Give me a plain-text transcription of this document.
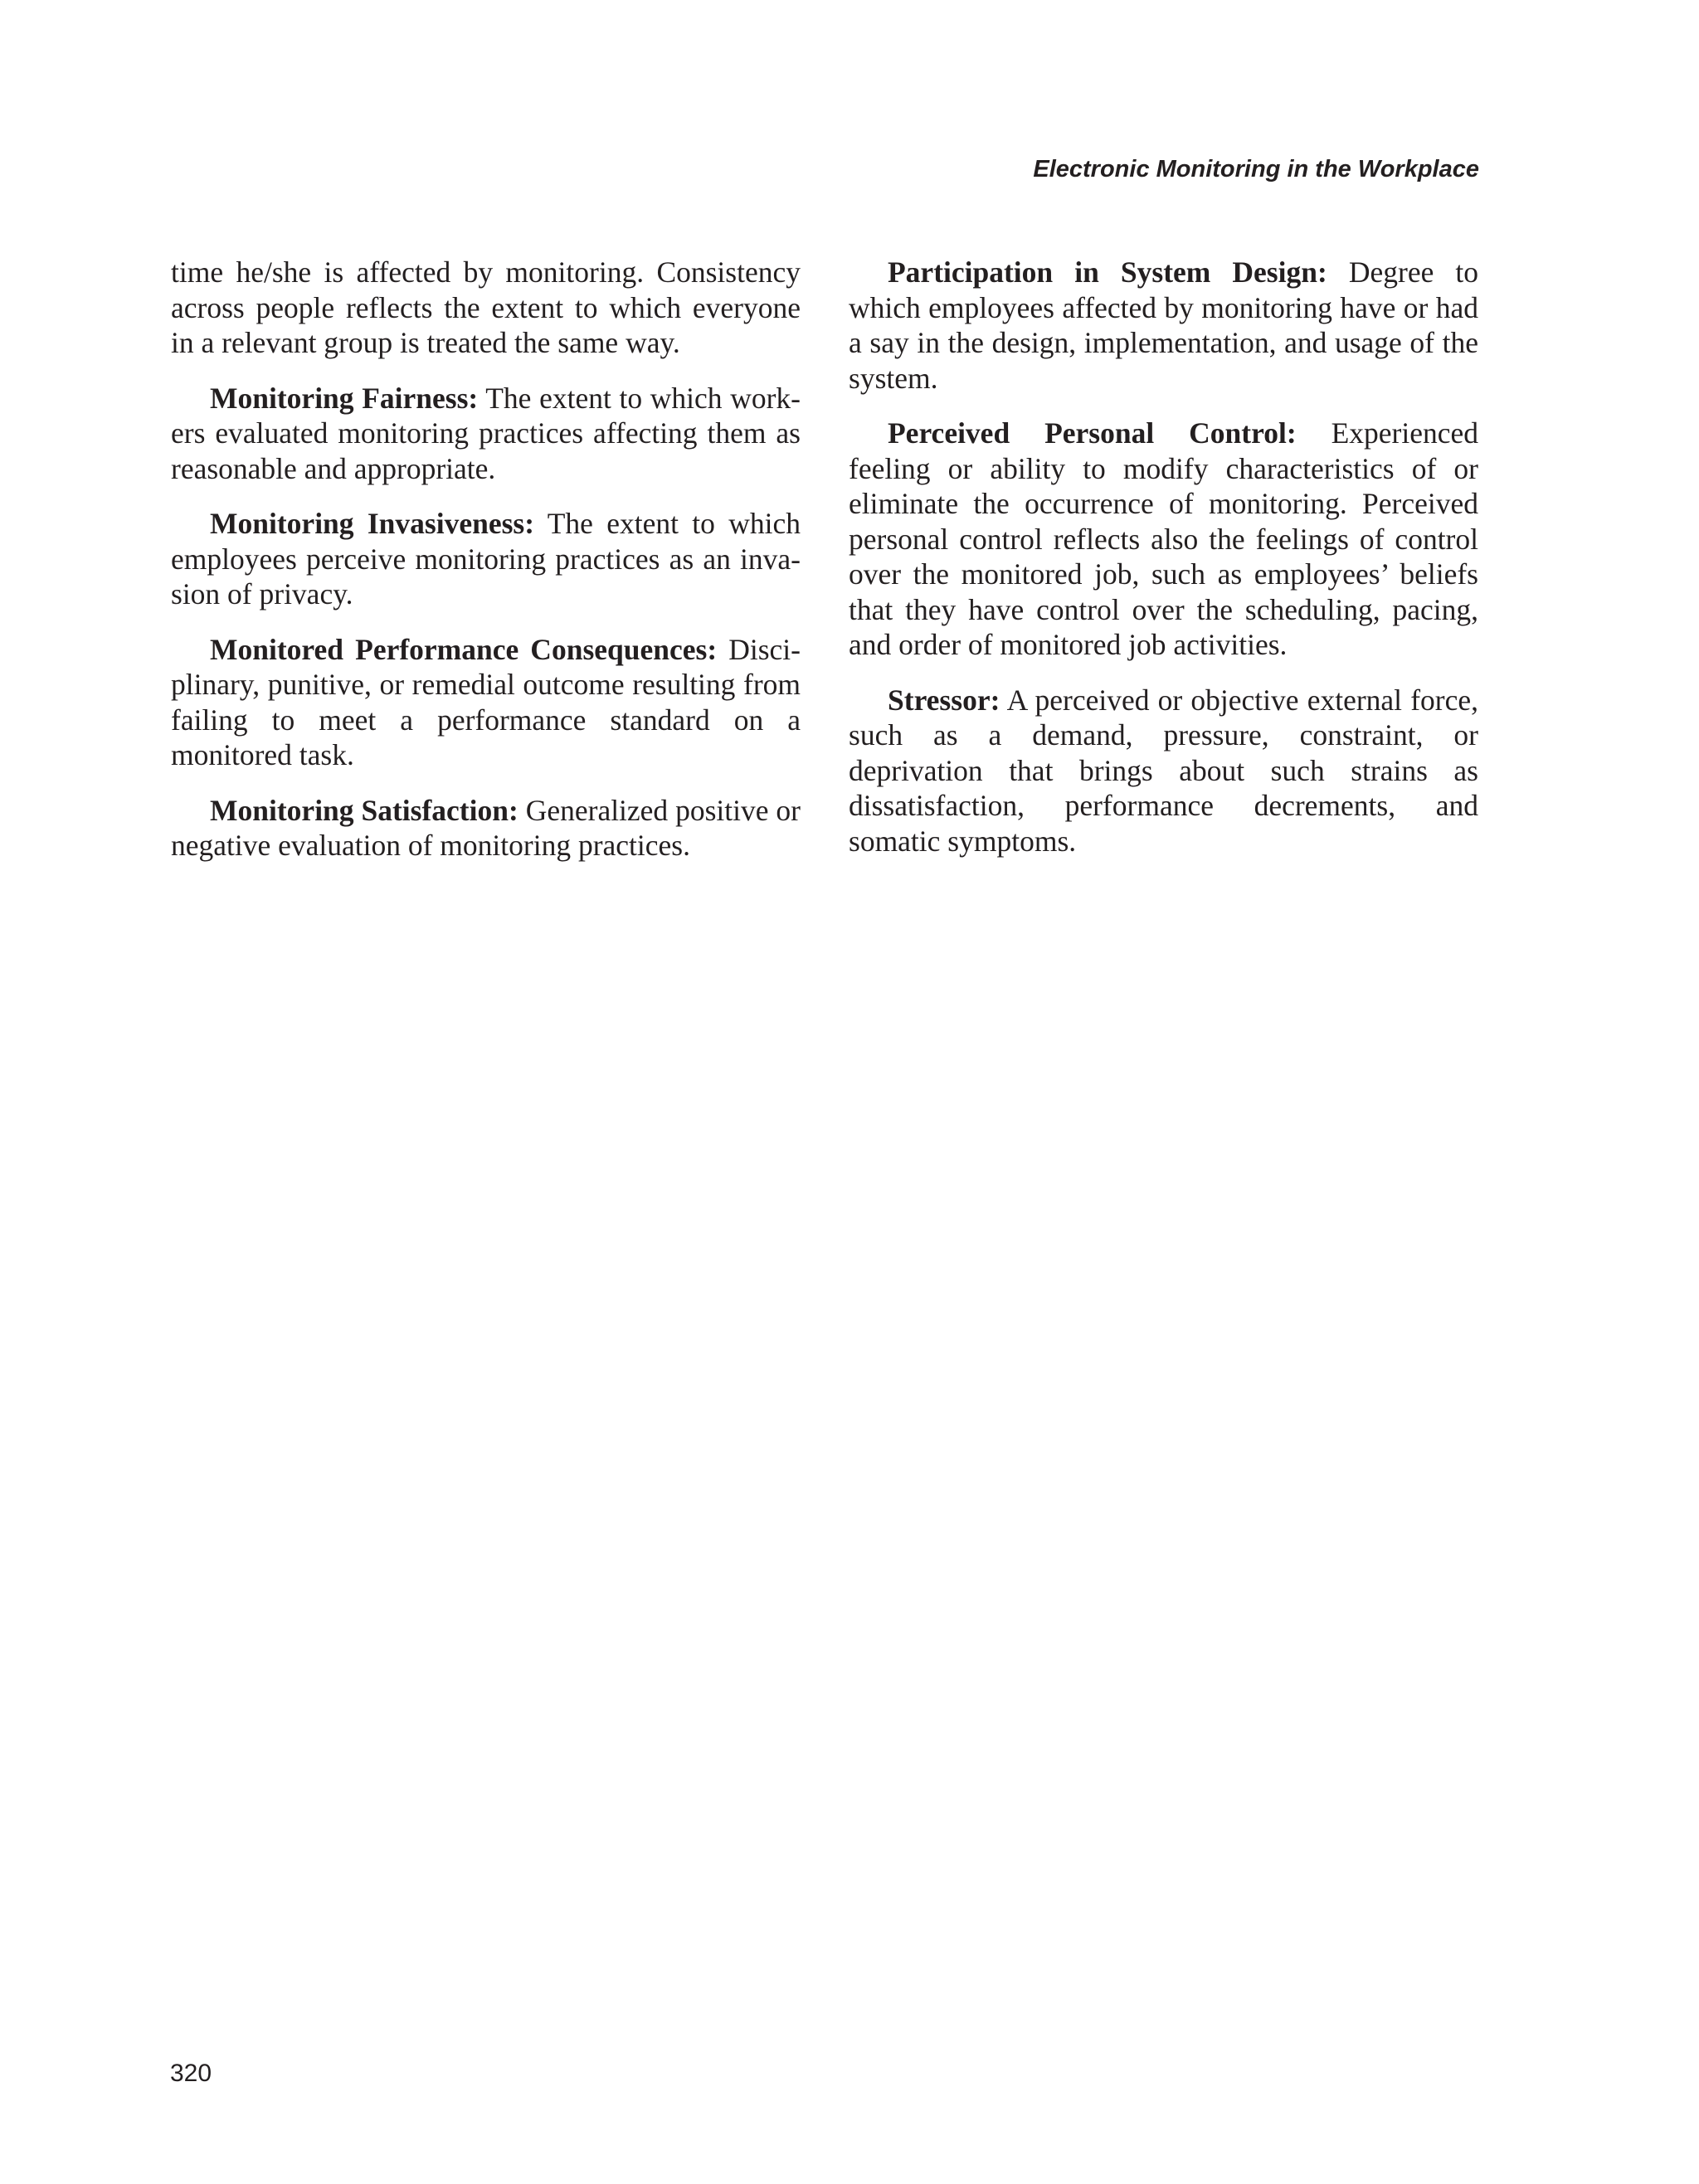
Electronic Monitoring in the Workplace

time he/she is affected by monitoring. Consistency across people reflects the extent to which everyone in a relevant group is treated the same way.

Monitoring Fairness: The extent to which workers evaluated monitoring practices affecting them as reasonable and appropriate.

Monitoring Invasiveness: The extent to which employees perceive monitoring practices as an invasion of privacy.

Monitored Performance Consequences: Disciplinary, punitive, or remedial outcome resulting from failing to meet a performance standard on a monitored task.

Monitoring Satisfaction: Generalized positive or negative evaluation of monitoring practices.

Participation in System Design: Degree to which employees affected by monitoring have or had a say in the design, implementation, and usage of the system.

Perceived Personal Control: Experienced feeling or ability to modify characteristics of or eliminate the occurrence of monitoring. Perceived personal control reflects also the feelings of control over the monitored job, such as employees’ beliefs that they have control over the scheduling, pacing, and order of monitored job activities.

Stressor: A perceived or objective external force, such as a demand, pressure, constraint, or deprivation that brings about such strains as dissatisfaction, performance decrements, and somatic symptoms.

320
